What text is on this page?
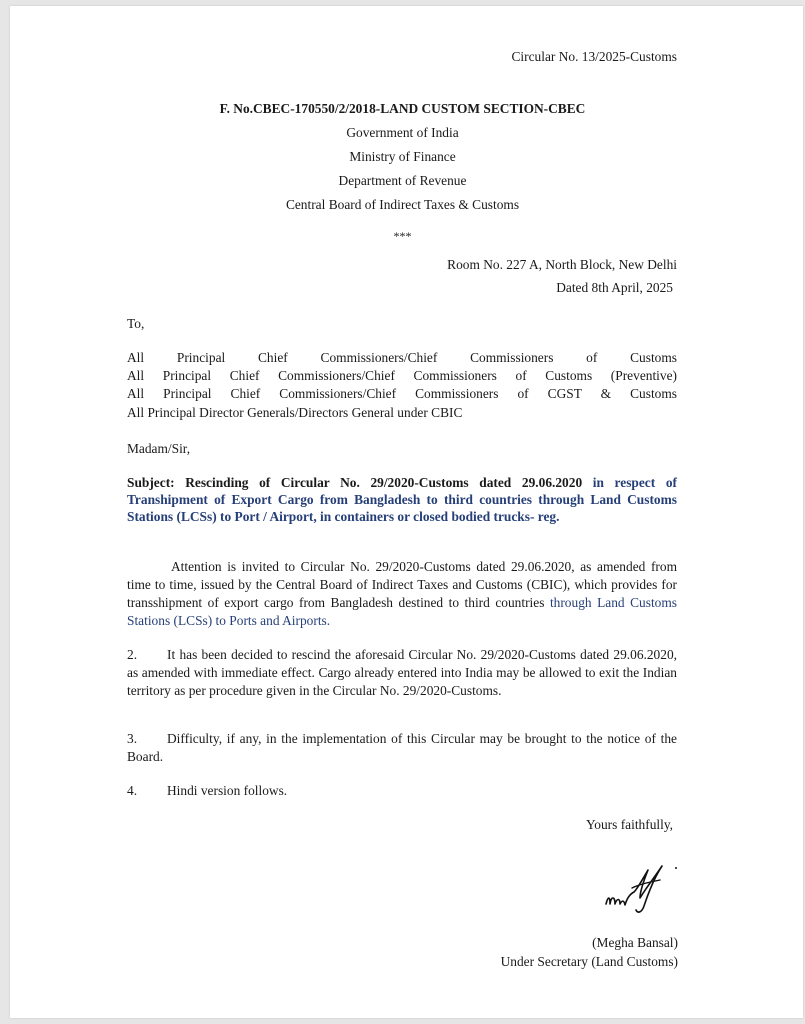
Circular No. 13/2025-Customs
F. No.CBEC-170550/2/2018-LAND CUSTOM SECTION-CBEC
Government of India
Ministry of Finance
Department of Revenue
Central Board of Indirect Taxes & Customs
***
Room No. 227 A, North Block, New Delhi
Dated 8th April, 2025
To,
All Principal Chief Commissioners/Chief Commissioners of Customs
All Principal Chief Commissioners/Chief Commissioners of Customs (Preventive)
All Principal Chief Commissioners/Chief Commissioners of CGST & Customs
All Principal Director Generals/Directors General under CBIC
Madam/Sir,
Subject: Rescinding of Circular No. 29/2020-Customs dated 29.06.2020 in respect of Transhipment of Export Cargo from Bangladesh to third countries through Land Customs Stations (LCSs) to Port / Airport, in containers or closed bodied trucks- reg.
Attention is invited to Circular No. 29/2020-Customs dated 29.06.2020, as amended from time to time, issued by the Central Board of Indirect Taxes and Customs (CBIC), which provides for transshipment of export cargo from Bangladesh destined to third countries through Land Customs Stations (LCSs) to Ports and Airports.
2. It has been decided to rescind the aforesaid Circular No. 29/2020-Customs dated 29.06.2020, as amended with immediate effect. Cargo already entered into India may be allowed to exit the Indian territory as per procedure given in the Circular No. 29/2020-Customs.
3. Difficulty, if any, in the implementation of this Circular may be brought to the notice of the Board.
4. Hindi version follows.
Yours faithfully,
(Megha Bansal)
Under Secretary (Land Customs)
